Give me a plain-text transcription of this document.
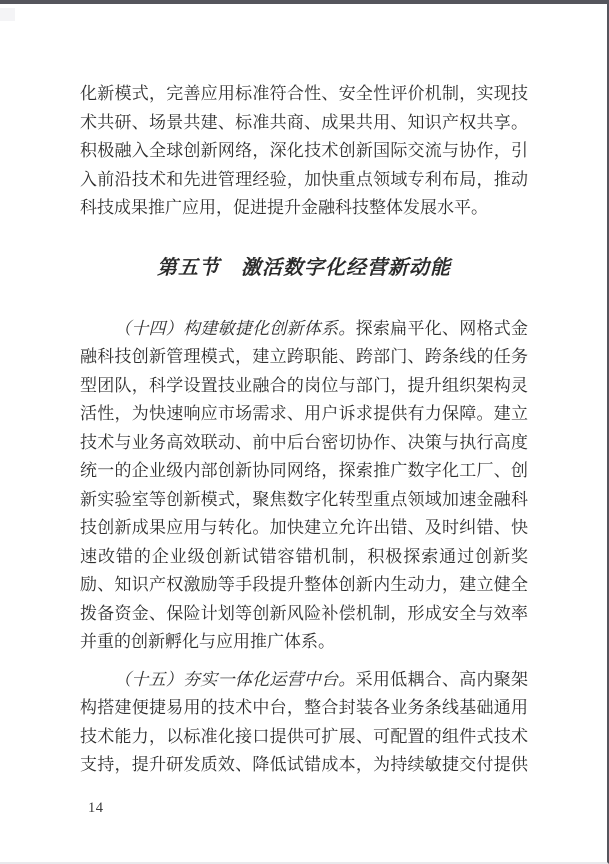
化新模式，完善应用标准符合性、安全性评价机制，实现技
术共研、场景共建、标准共商、成果共用、知识产权共享。
积极融入全球创新网络，深化技术创新国际交流与协作，引
入前沿技术和先进管理经验，加快重点领域专利布局，推动
科技成果推广应用，促进提升金融科技整体发展水平。
第五节　激活数字化经营新动能
（十四）构建敏捷化创新体系。探索扁平化、网格式金
融科技创新管理模式，建立跨职能、跨部门、跨条线的任务
型团队，科学设置技业融合的岗位与部门，提升组织架构灵
活性，为快速响应市场需求、用户诉求提供有力保障。建立
技术与业务高效联动、前中后台密切协作、决策与执行高度
统一的企业级内部创新协同网络，探索推广数字化工厂、创
新实验室等创新模式，聚焦数字化转型重点领域加速金融科
技创新成果应用与转化。加快建立允许出错、及时纠错、快
速改错的企业级创新试错容错机制，积极探索通过创新奖
励、知识产权激励等手段提升整体创新内生动力，建立健全
拨备资金、保险计划等创新风险补偿机制，形成安全与效率
并重的创新孵化与应用推广体系。
（十五）夯实一体化运营中台。采用低耦合、高内聚架
构搭建便捷易用的技术中台，整合封装各业务条线基础通用
技术能力，以标准化接口提供可扩展、可配置的组件式技术
支持，提升研发质效、降低试错成本，为持续敏捷交付提供
14
